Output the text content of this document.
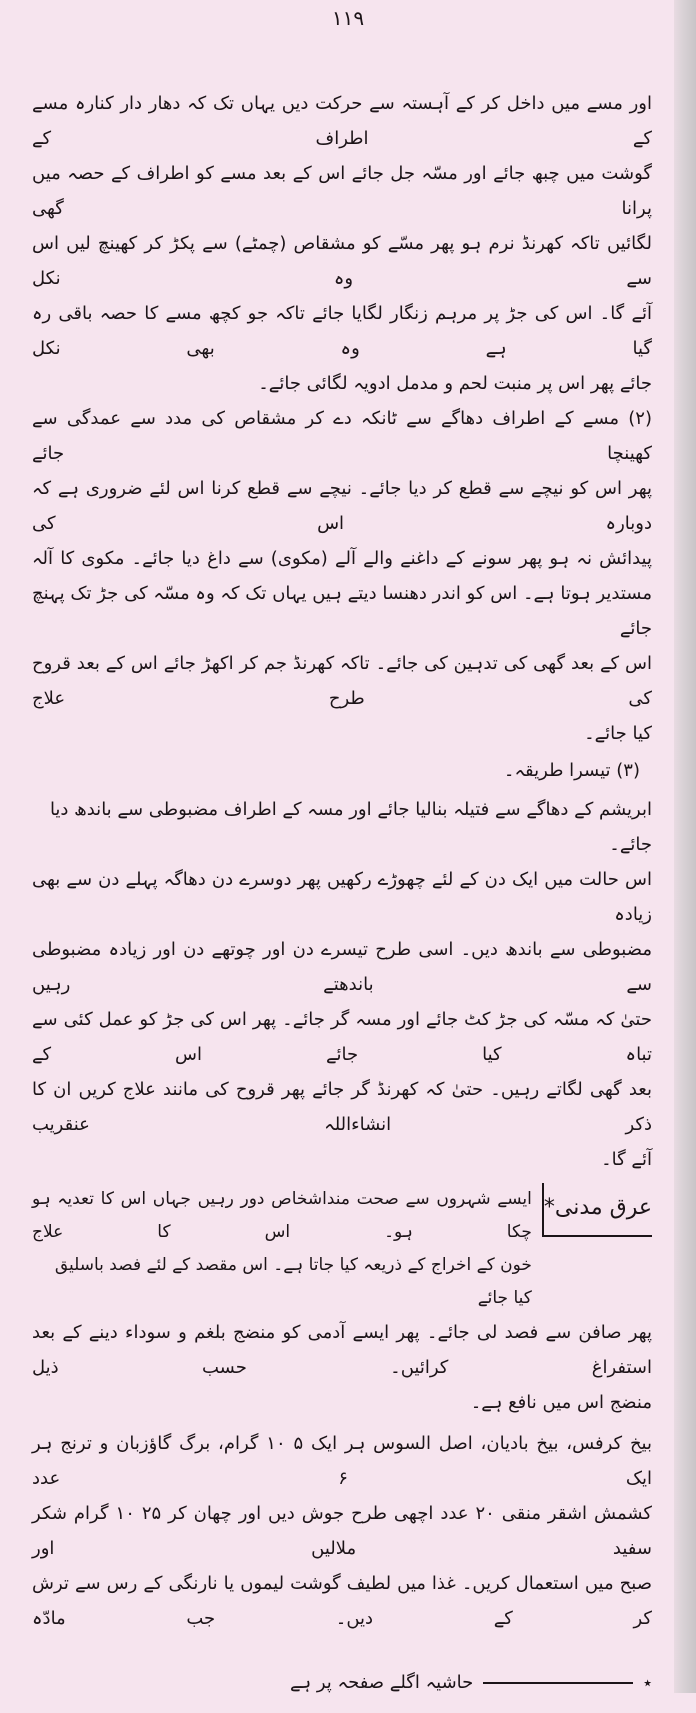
۱۱۹
اور مسے میں داخل کر کے آہستہ سے حرکت دیں یہاں تک کہ دھار دار کنارہ مسے کے اطراف کے
گوشت میں چبھ جائے اور مسّہ جل جائے اس کے بعد مسے کو اطراف کے حصہ میں پرانا گھی
لگائیں تاکہ کھرنڈ نرم ہو پھر مسّے کو مشقاص (چمٹے) سے پکڑ کر کھینچ لیں اس سے وہ نکل
آئے گا۔ اس کی جڑ پر مرہم زنگار لگایا جائے تاکہ جو کچھ مسے کا حصہ باقی رہ گیا ہے وہ بھی نکل
جائے پھر اس پر منبت لحم و مدمل ادویہ لگائی جائے۔
(۲) مسے کے اطراف دھاگے سے ٹانکہ دے کر مشقاص کی مدد سے عمدگی سے کھینچا جائے
پھر اس کو نیچے سے قطع کر دیا جائے۔ نیچے سے قطع کرنا اس لئے ضروری ہے کہ دوبارہ اس کی
پیدائش نہ ہو پھر سونے کے داغنے والے آلے (مکوی) سے داغ دیا جائے۔ مکوی کا آلہ
مستدیر ہوتا ہے۔ اس کو اندر دھنسا دیتے ہیں یہاں تک کہ وہ مسّہ کی جڑ تک پہنچ جائے
اس کے بعد گھی کی تدہین کی جائے۔ تاکہ کھرنڈ جم کر اکھڑ جائے اس کے بعد قروح کی طرح علاج
کیا جائے۔
(۳) تیسرا طریقہ۔
ابریشم کے دھاگے سے فتیلہ بنالیا جائے اور مسہ کے اطراف مضبوطی سے باندھ دیا جائے۔
اس حالت میں ایک دن کے لئے چھوڑے رکھیں پھر دوسرے دن دھاگہ پہلے دن سے بھی زیادہ
مضبوطی سے باندھ دیں۔ اسی طرح تیسرے دن اور چوتھے دن اور زیادہ مضبوطی سے باندھتے رہیں
حتیٰ کہ مسّہ کی جڑ کٹ جائے اور مسہ گر جائے۔ پھر اس کی جڑ کو عمل کئی سے تباہ کیا جائے اس کے
بعد گھی لگاتے رہیں۔ حتیٰ کہ کھرنڈ گر جائے پھر قروح کی مانند علاج کریں ان کا ذکر انشاءاللہ عنقریب
آئے گا۔
عرق مدنی*
ایسے شہروں سے صحت منداشخاص دور رہیں جہاں اس کا تعدیہ ہو چکا ہو۔ اس کا علاج
خون کے اخراج کے ذریعہ کیا جاتا ہے۔ اس مقصد کے لئے فصد باسلیق کیا جائے
پھر صافن سے فصد لی جائے۔ پھر ایسے آدمی کو منضج بلغم و سوداء دینے کے بعد استفراغ کرائیں۔ حسب ذیل
منضج اس میں نافع ہے۔
بیخ کرفس، بیخ بادیان، اصل السوس ہر ایک ۵ ۱۰ گرام، برگ گاؤزبان و ترنج ہر ایک ۶ عدد
کشمش اشقر منقی ۲۰ عدد اچھی طرح جوش دیں اور چھان کر ۲۵ ۱۰ گرام شکر سفید ملالیں اور
صبح میں استعمال کریں۔ غذا میں لطیف گوشت لیموں یا نارنگی کے رس سے ترش کر کے دیں۔ جب مادّہ
٭
حاشیہ اگلے صفحہ پر ہے
